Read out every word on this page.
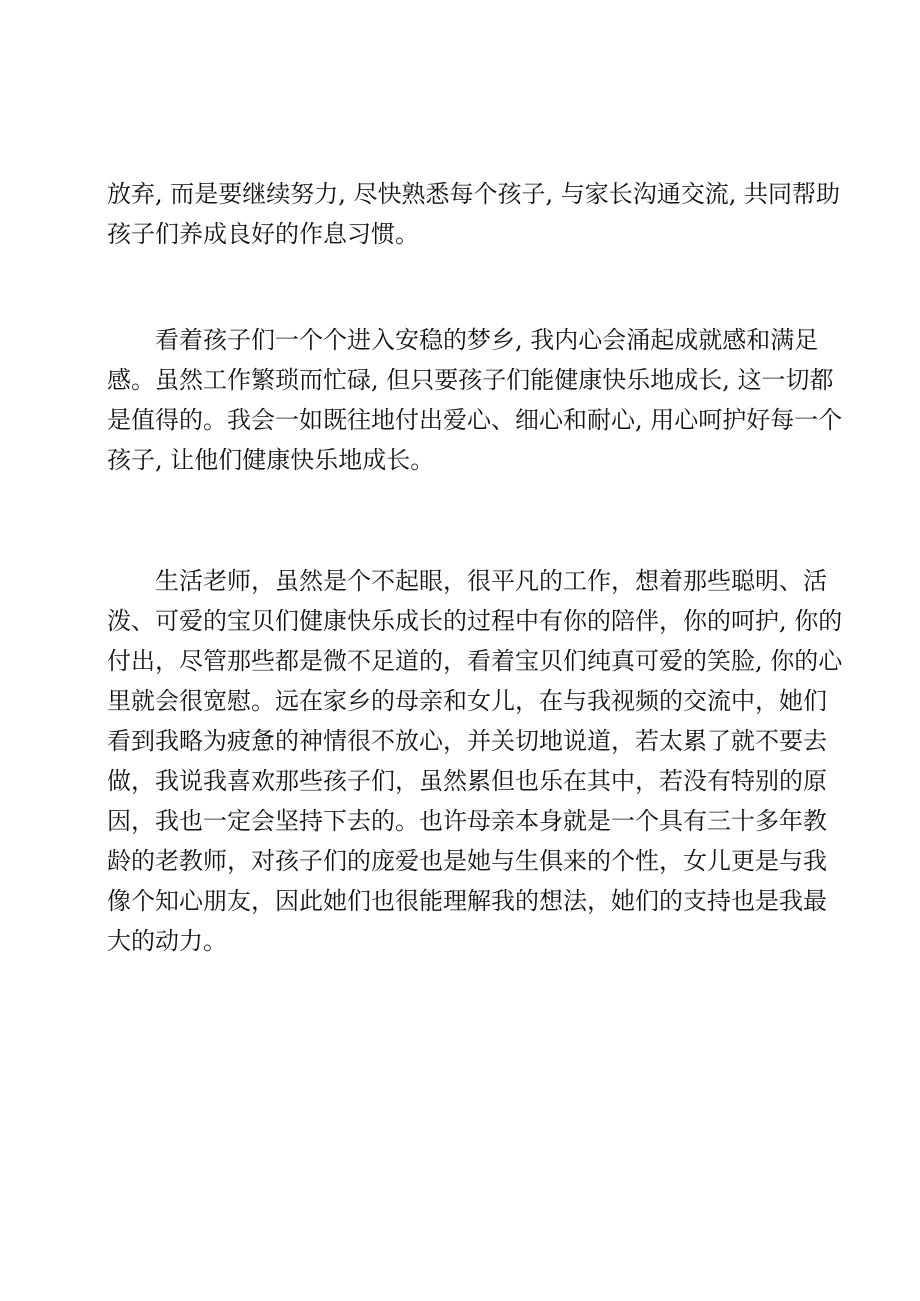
放弃, 而是要继续努力, 尽快熟悉每个孩子, 与家长沟通交流, 共同帮助
孩子们养成良好的作息习惯。

　　看着孩子们一个个进入安稳的梦乡, 我内心会涌起成就感和满足
感。虽然工作繁琐而忙碌, 但只要孩子们能健康快乐地成长, 这一切都
是值得的。我会一如既往地付出爱心、细心和耐心, 用心呵护好每一个
孩子, 让他们健康快乐地成长。

　　生活老师，虽然是个不起眼，很平凡的工作，想着那些聪明、活
泼、可爱的宝贝们健康快乐成长的过程中有你的陪伴，你的呵护, 你的
付出，尽管那些都是微不足道的，看着宝贝们纯真可爱的笑脸, 你的心
里就会很宽慰。远在家乡的母亲和女儿，在与我视频的交流中，她们
看到我略为疲惫的神情很不放心，并关切地说道，若太累了就不要去
做，我说我喜欢那些孩子们，虽然累但也乐在其中，若没有特别的原
因，我也一定会坚持下去的。也许母亲本身就是一个具有三十多年教
龄的老教师，对孩子们的庞爱也是她与生俱来的个性，女儿更是与我
像个知心朋友，因此她们也很能理解我的想法，她们的支持也是我最
大的动力。
